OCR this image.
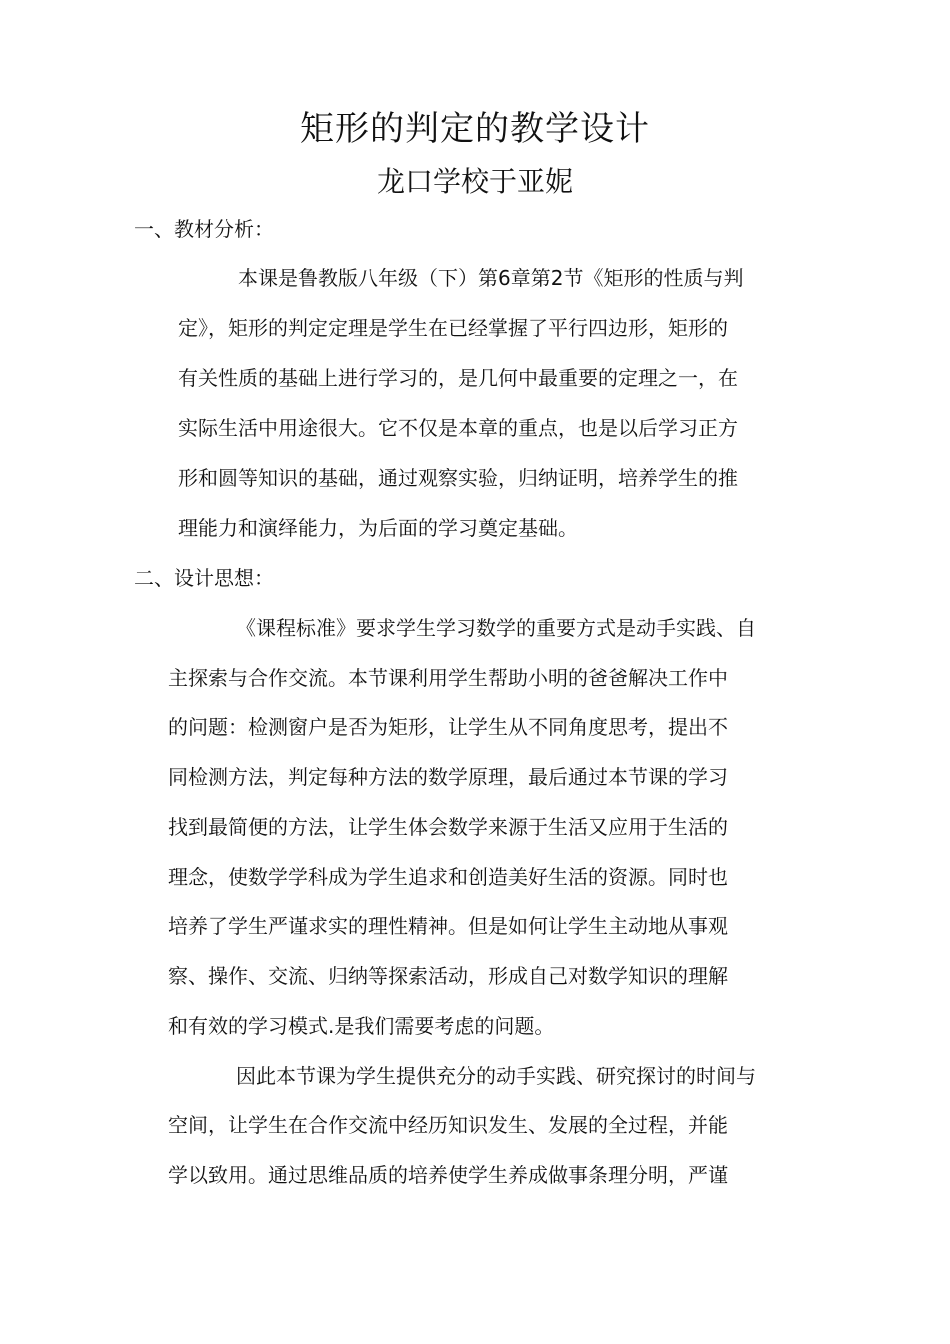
矩形的判定的教学设计
龙口学校于亚妮
一、教材分析：
本课是鲁教版八年级（下）第6章第2节《矩形的性质与判
定》，矩形的判定定理是学生在已经掌握了平行四边形，矩形的
有关性质的基础上进行学习的，是几何中最重要的定理之一，在
实际生活中用途很大。它不仅是本章的重点，也是以后学习正方
形和圆等知识的基础，通过观察实验，归纳证明，培养学生的推
理能力和演绎能力，为后面的学习奠定基础。
二、设计思想：
《课程标准》要求学生学习数学的重要方式是动手实践、自
主探索与合作交流。本节课利用学生帮助小明的爸爸解决工作中
的问题：检测窗户是否为矩形，让学生从不同角度思考，提出不
同检测方法，判定每种方法的数学原理，最后通过本节课的学习
找到最简便的方法，让学生体会数学来源于生活又应用于生活的
理念，使数学学科成为学生追求和创造美好生活的资源。同时也
培养了学生严谨求实的理性精神。但是如何让学生主动地从事观
察、操作、交流、归纳等探索活动，形成自己对数学知识的理解
和有效的学习模式.是我们需要考虑的问题。
因此本节课为学生提供充分的动手实践、研究探讨的时间与
空间，让学生在合作交流中经历知识发生、发展的全过程，并能
学以致用。通过思维品质的培养使学生养成做事条理分明，严谨
